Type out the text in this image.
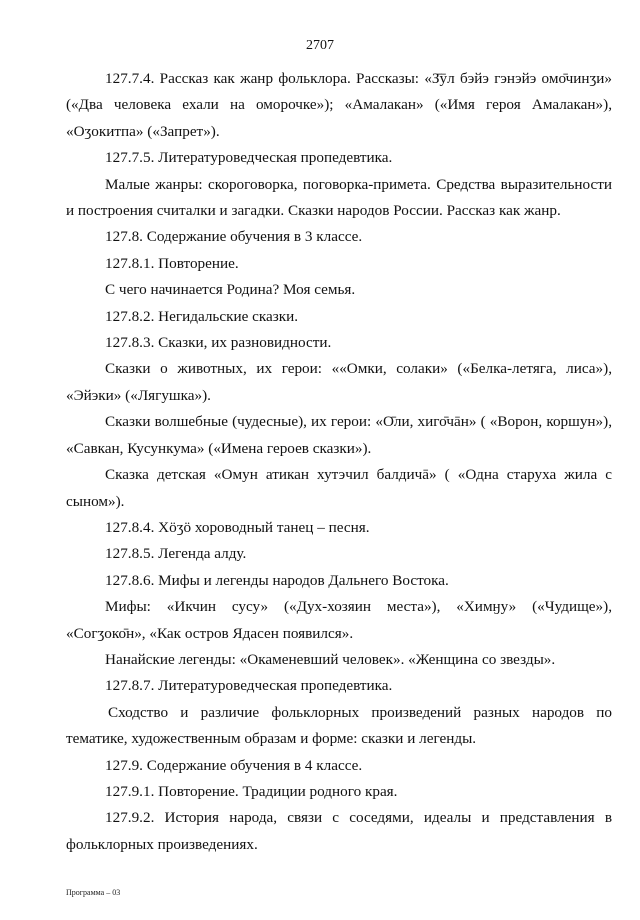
2707

127.7.4. Рассказ как жанр фольклора. Рассказы: «З̄ӯл бэйэ гэнэйэ омо̄чинӡи» («Два человека ехали на оморочке»); «Амалакан» («Имя героя Амалакан»), «Оӡокитпа» («Запрет»).

127.7.5. Литературоведческая пропедевтика.

Малые жанры: скороговорка, поговорка-примета. Средства выразительности и построения считалки и загадки. Сказки народов России. Рассказ как жанр.

127.8. Содержание обучения в 3 классе.

127.8.1. Повторение.

С чего начинается Родина? Моя семья.

127.8.2. Негидальские сказки.

127.8.3. Сказки, их разновидности.

Сказки о животных, их герои: ««Омки, солаки» («Белка-летяга, лиса»), «Эйэки» («Лягушка»).

Сказки волшебные (чудесные), их герои: «О̄ли, хиго̄чāн» ( «Ворон, коршун»), «Савкан, Кусункума» («Имена героев сказки»).

Сказка детская «Омун атикан хутэчил балдичā» ( «Одна старуха жила с сыном»).

127.8.4. Хӧӡӧ хороводный танец – песня.

127.8.5. Легенда алду.

127.8.6. Мифы и легенды народов Дальнего Востока.

Мифы: «Икчин сусу» («Дух-хозяин места»), «Химӈу» («Чудище»), «Согӡоко̄н», «Как остров Ядасен появился».

Нанайские легенды: «Окаменевший человек». «Женщина со звезды».

127.8.7. Литературоведческая пропедевтика.

Сходство и различие фольклорных произведений разных народов по тематике, художественным образам и форме: сказки и легенды.

127.9. Содержание обучения в 4 классе.

127.9.1. Повторение. Традиции родного края.

127.9.2. История народа, связи с соседями, идеалы и представления в фольклорных произведениях.

Программа – 03
